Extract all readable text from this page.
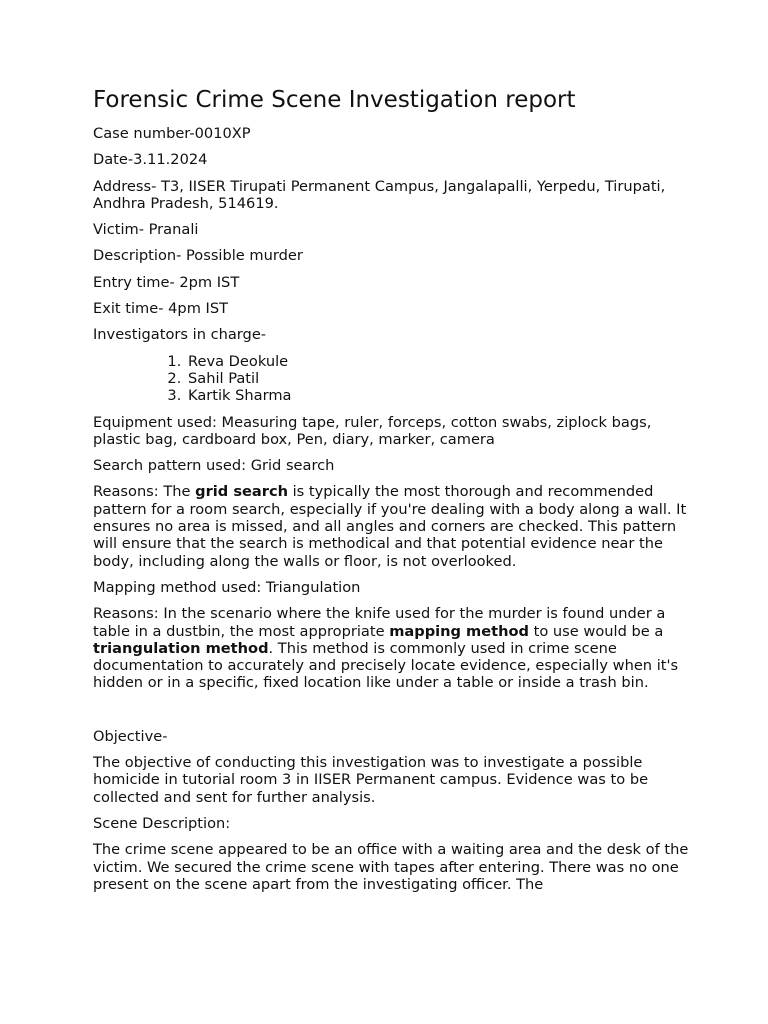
Forensic Crime Scene Investigation report

Case number-0010XP

Date-3.11.2024

Address- T3, IISER Tirupati Permanent Campus, Jangalapalli, Yerpedu, Tirupati, Andhra Pradesh, 514619.

Victim- Pranali

Description- Possible murder

Entry time- 2pm IST

Exit time- 4pm IST

Investigators in charge-

1. Reva Deokule
2. Sahil Patil
3. Kartik Sharma

Equipment used: Measuring tape, ruler, forceps, cotton swabs, ziplock bags, plastic bag, cardboard box, Pen, diary, marker, camera

Search pattern used: Grid search

Reasons: The grid search is typically the most thorough and recommended pattern for a room search, especially if you're dealing with a body along a wall. It ensures no area is missed, and all angles and corners are checked. This pattern will ensure that the search is methodical and that potential evidence near the body, including along the walls or floor, is not overlooked.

Mapping method used: Triangulation

Reasons: In the scenario where the knife used for the murder is found under a table in a dustbin, the most appropriate mapping method to use would be a triangulation method. This method is commonly used in crime scene documentation to accurately and precisely locate evidence, especially when it's hidden or in a specific, fixed location like under a table or inside a trash bin.

Objective-

The objective of conducting this investigation was to investigate a possible homicide in tutorial room 3 in IISER Permanent campus. Evidence was to be collected and sent for further analysis.

Scene Description:

The crime scene appeared to be an office with a waiting area and the desk of the victim. We secured the crime scene with tapes after entering. There was no one present on the scene apart from the investigating officer. The
